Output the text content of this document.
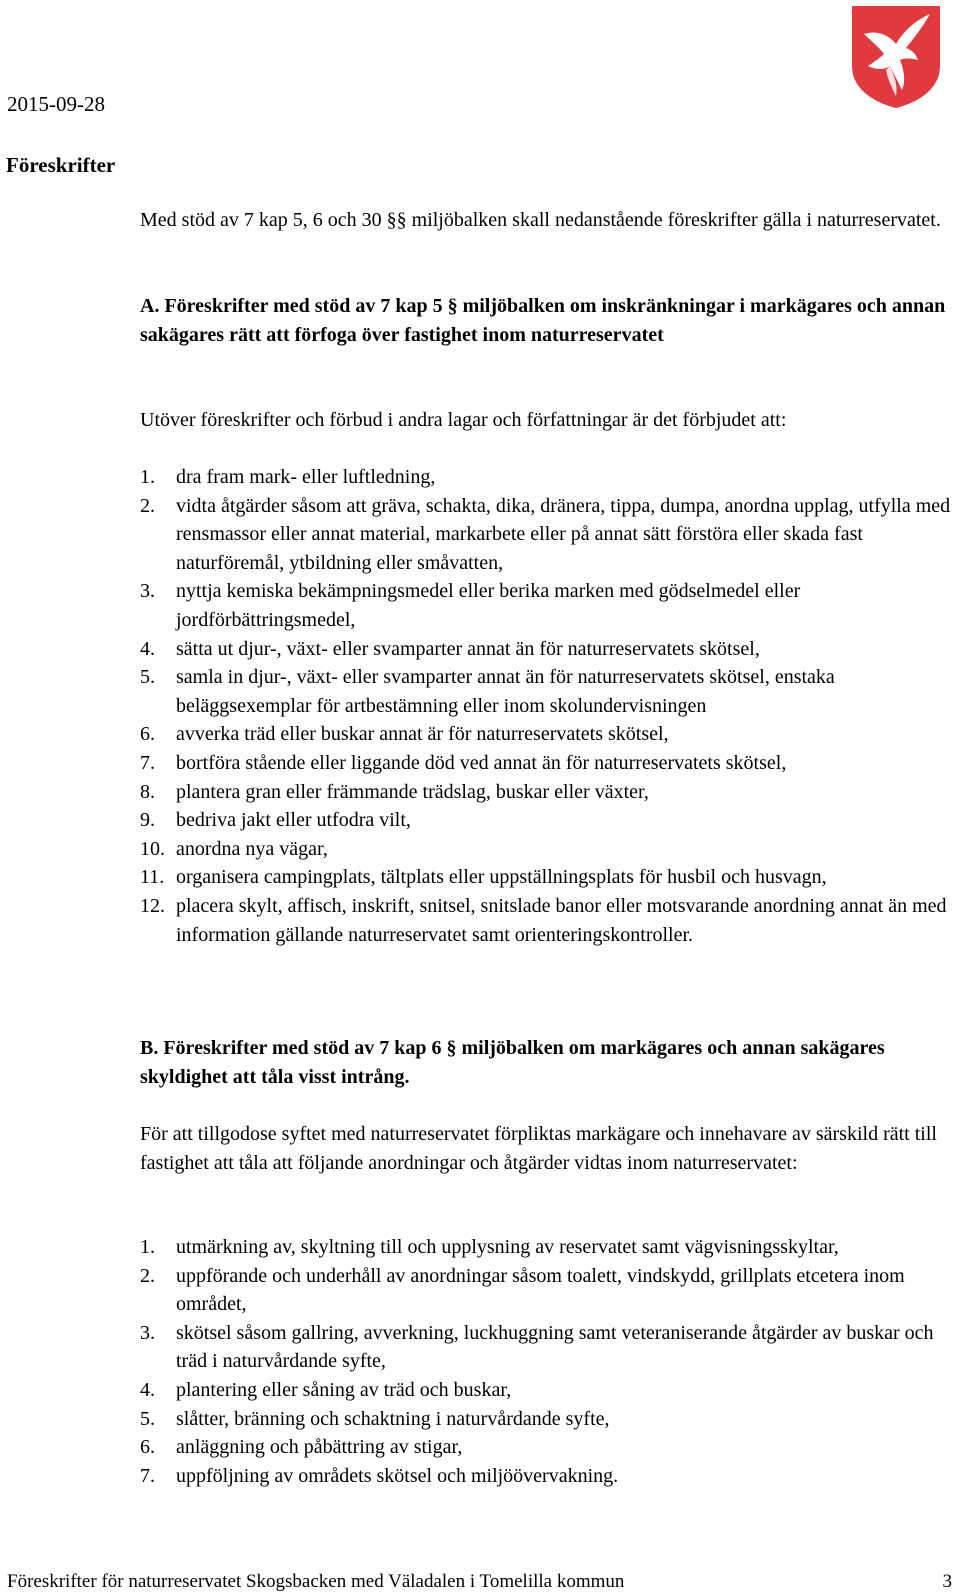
2015-09-28
Föreskrifter
Med stöd av 7 kap 5, 6 och 30 §§ miljöbalken skall nedanstående föreskrifter gälla i naturreservatet.
A. Föreskrifter med stöd av 7 kap 5 § miljöbalken om inskränkningar i markägares och annan sakägares rätt att förfoga över fastighet inom naturreservatet
Utöver föreskrifter och förbud i andra lagar och författningar är det förbjudet att:
1. dra fram mark- eller luftledning,
2. vidta åtgärder såsom att gräva, schakta, dika, dränera, tippa, dumpa, anordna upplag, utfylla med rensmassor eller annat material, markarbete eller på annat sätt förstöra eller skada fast naturföremål, ytbildning eller småvatten,
3. nyttja kemiska bekämpningsmedel eller berika marken med gödselmedel eller jordförbättringsmedel,
4. sätta ut djur-, växt- eller svamparter annat än för naturreservatets skötsel,
5. samla in djur-, växt- eller svamparter annat än för naturreservatets skötsel, enstaka beläggsexemplar för artbestämning eller inom skolundervisningen
6. avverka träd eller buskar annat är för naturreservatets skötsel,
7. bortföra stående eller liggande död ved annat än för naturreservatets skötsel,
8. plantera gran eller främmande trädslag, buskar eller växter,
9. bedriva jakt eller utfodra vilt,
10. anordna nya vägar,
11. organisera campingplats, tältplats eller uppställningsplats för husbil och husvagn,
12. placera skylt, affisch, inskrift, snitsel, snitslade banor eller motsvarande anordning annat än med information gällande naturreservatet samt orienteringskontroller.
B. Föreskrifter med stöd av 7 kap 6 § miljöbalken om markägares och annan sakägares skyldighet att tåla visst intrång.
För att tillgodose syftet med naturreservatet förpliktas markägare och innehavare av särskild rätt till fastighet att tåla att följande anordningar och åtgärder vidtas inom naturreservatet:
1. utmärkning av, skyltning till och upplysning av reservatet samt vägvisningsskyltar,
2. uppförande och underhåll av anordningar såsom toalett, vindskydd, grillplats etcetera inom området,
3. skötsel såsom gallring, avverkning, luckhuggning samt veteraniserande åtgärder av buskar och träd i naturvårdande syfte,
4. plantering eller såning av träd och buskar,
5. slåtter, bränning och schaktning i naturvårdande syfte,
6. anläggning och påbättring av stigar,
7. uppföljning av områdets skötsel och miljöövervakning.
Föreskrifter för naturreservatet Skogsbacken med Väladalen i Tomelilla kommun	3
